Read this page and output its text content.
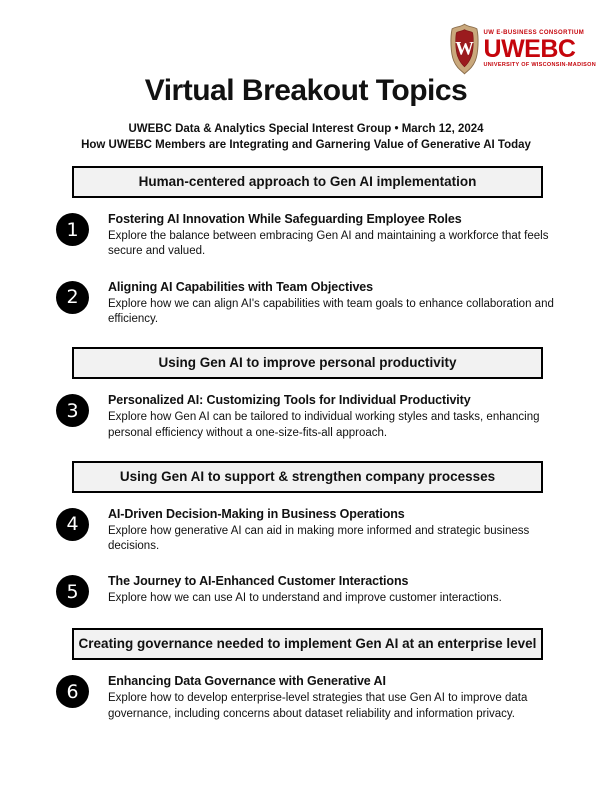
W
UW E-BUSINESS CONSORTIUM
UWEBC
UNIVERSITY OF WISCONSIN-MADISON
Virtual Breakout Topics
UWEBC Data & Analytics Special Interest Group • March 12, 2024
How UWEBC Members are Integrating and Garnering Value of Generative AI Today
Human-centered approach to Gen AI implementation
1	Fostering AI Innovation While Safeguarding Employee Roles
Explore the balance between embracing Gen AI and maintaining a workforce that feels secure and valued.
2	Aligning AI Capabilities with Team Objectives
Explore how we can align AI's capabilities with team goals to enhance collaboration and efficiency.
Using Gen AI to improve personal productivity
3	Personalized AI: Customizing Tools for Individual Productivity
Explore how Gen AI can be tailored to individual working styles and tasks, enhancing personal efficiency without a one-size-fits-all approach.
Using Gen AI to support & strengthen company processes
4	AI-Driven Decision-Making in Business Operations
Explore how generative AI can aid in making more informed and strategic business decisions.
5	The Journey to AI-Enhanced Customer Interactions
Explore how we can use AI to understand and improve customer interactions.
Creating governance needed to implement Gen AI at an enterprise level
6	Enhancing Data Governance with Generative AI
Explore how to develop enterprise-level strategies that use Gen AI to improve data governance, including concerns about dataset reliability and information privacy.
